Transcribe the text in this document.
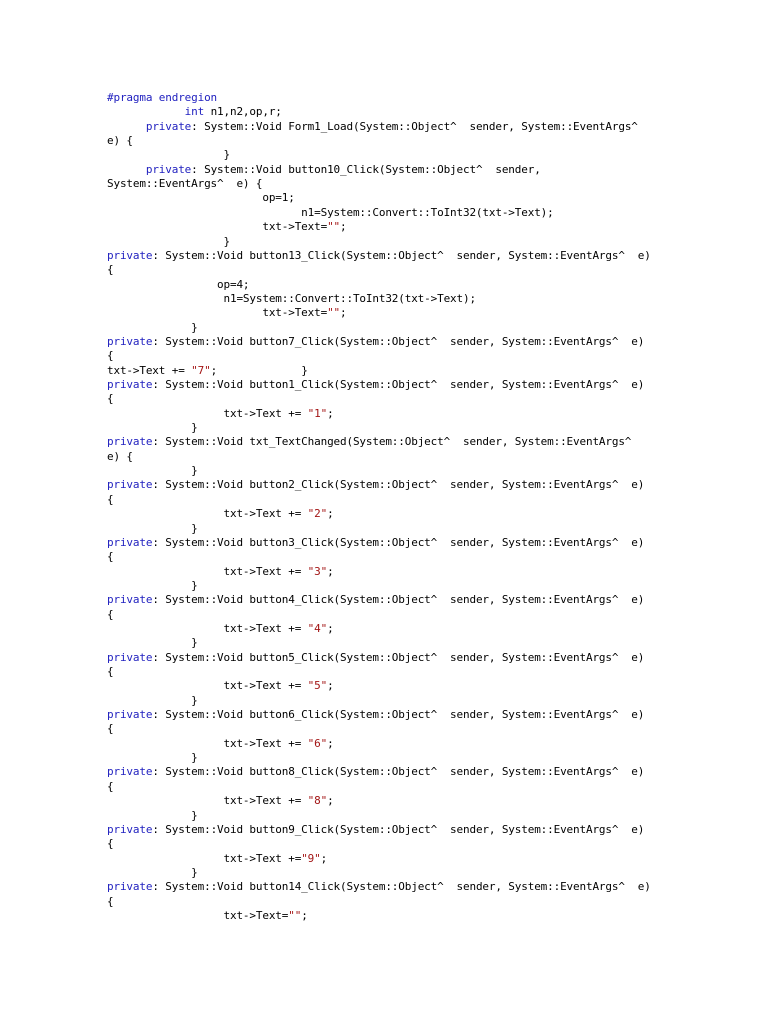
#pragma endregion
int n1,n2,op,r;
private: System::Void Form1_Load(System::Object^  sender, System::EventArgs^
e) {
}
private: System::Void button10_Click(System::Object^  sender,
System::EventArgs^  e) {
op=1;
n1=System::Convert::ToInt32(txt->Text);
txt->Text="";
}
private: System::Void button13_Click(System::Object^  sender, System::EventArgs^  e)
{
op=4;
n1=System::Convert::ToInt32(txt->Text);
txt->Text="";
}
private: System::Void button7_Click(System::Object^  sender, System::EventArgs^  e)
{
txt->Text += "7";             }
private: System::Void button1_Click(System::Object^  sender, System::EventArgs^  e)
{
txt->Text += "1";
}
private: System::Void txt_TextChanged(System::Object^  sender, System::EventArgs^
e) {
}
private: System::Void button2_Click(System::Object^  sender, System::EventArgs^  e)
{
txt->Text += "2";
}
private: System::Void button3_Click(System::Object^  sender, System::EventArgs^  e)
{
txt->Text += "3";
}
private: System::Void button4_Click(System::Object^  sender, System::EventArgs^  e)
{
txt->Text += "4";
}
private: System::Void button5_Click(System::Object^  sender, System::EventArgs^  e)
{
txt->Text += "5";
}
private: System::Void button6_Click(System::Object^  sender, System::EventArgs^  e)
{
txt->Text += "6";
}
private: System::Void button8_Click(System::Object^  sender, System::EventArgs^  e)
{
txt->Text += "8";
}
private: System::Void button9_Click(System::Object^  sender, System::EventArgs^  e)
{
txt->Text +="9";
}
private: System::Void button14_Click(System::Object^  sender, System::EventArgs^  e)
{
txt->Text="";
